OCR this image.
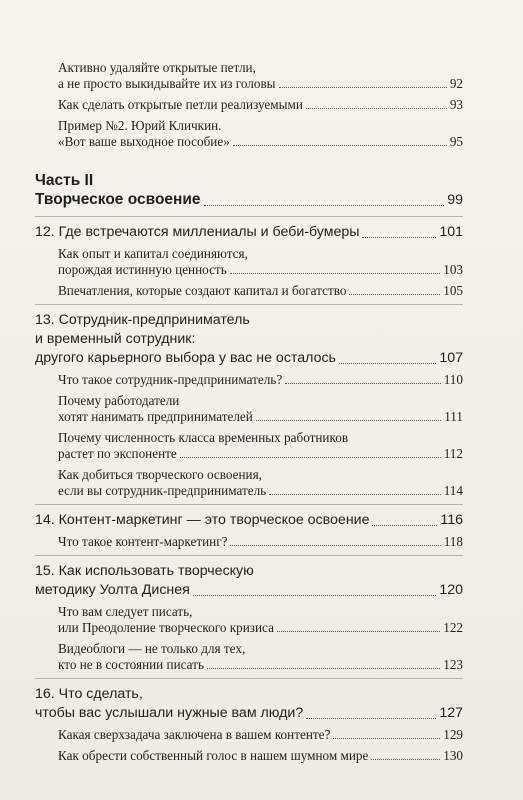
Активно удаляйте открытые петли,
а не просто выкидывайте их из головы	92
Как сделать открытые петли реализуемыми	93
Пример №2. Юрий Кличкин.
«Вот ваше выходное пособие»	95
Часть II
Творческое освоение	99
12. Где встречаются миллениалы и беби-бумеры	101
Как опыт и капитал соединяются,
порождая истинную ценность	103
Впечатления, которые создают капитал и богатство	105
13. Сотрудник-предприниматель
и временный сотрудник:
другого карьерного выбора у вас не осталось	107
Что такое сотрудник-предприниматель?	110
Почему работодатели
хотят нанимать предпринимателей	111
Почему численность класса временных работников
растет по экспоненте	112
Как добиться творческого освоения,
если вы сотрудник-предприниматель	114
14. Контент-маркетинг — это творческое освоение	116
Что такое контент-маркетинг?	118
15. Как использовать творческую
методику Уолта Диснея	120
Что вам следует писать,
или Преодоление творческого кризиса	122
Видеоблоги — не только для тех,
кто не в состоянии писать	123
16. Что сделать,
чтобы вас услышали нужные вам люди?	127
Какая сверхзадача заключена в вашем контенте?	129
Как обрести собственный голос в нашем шумном мире	130
